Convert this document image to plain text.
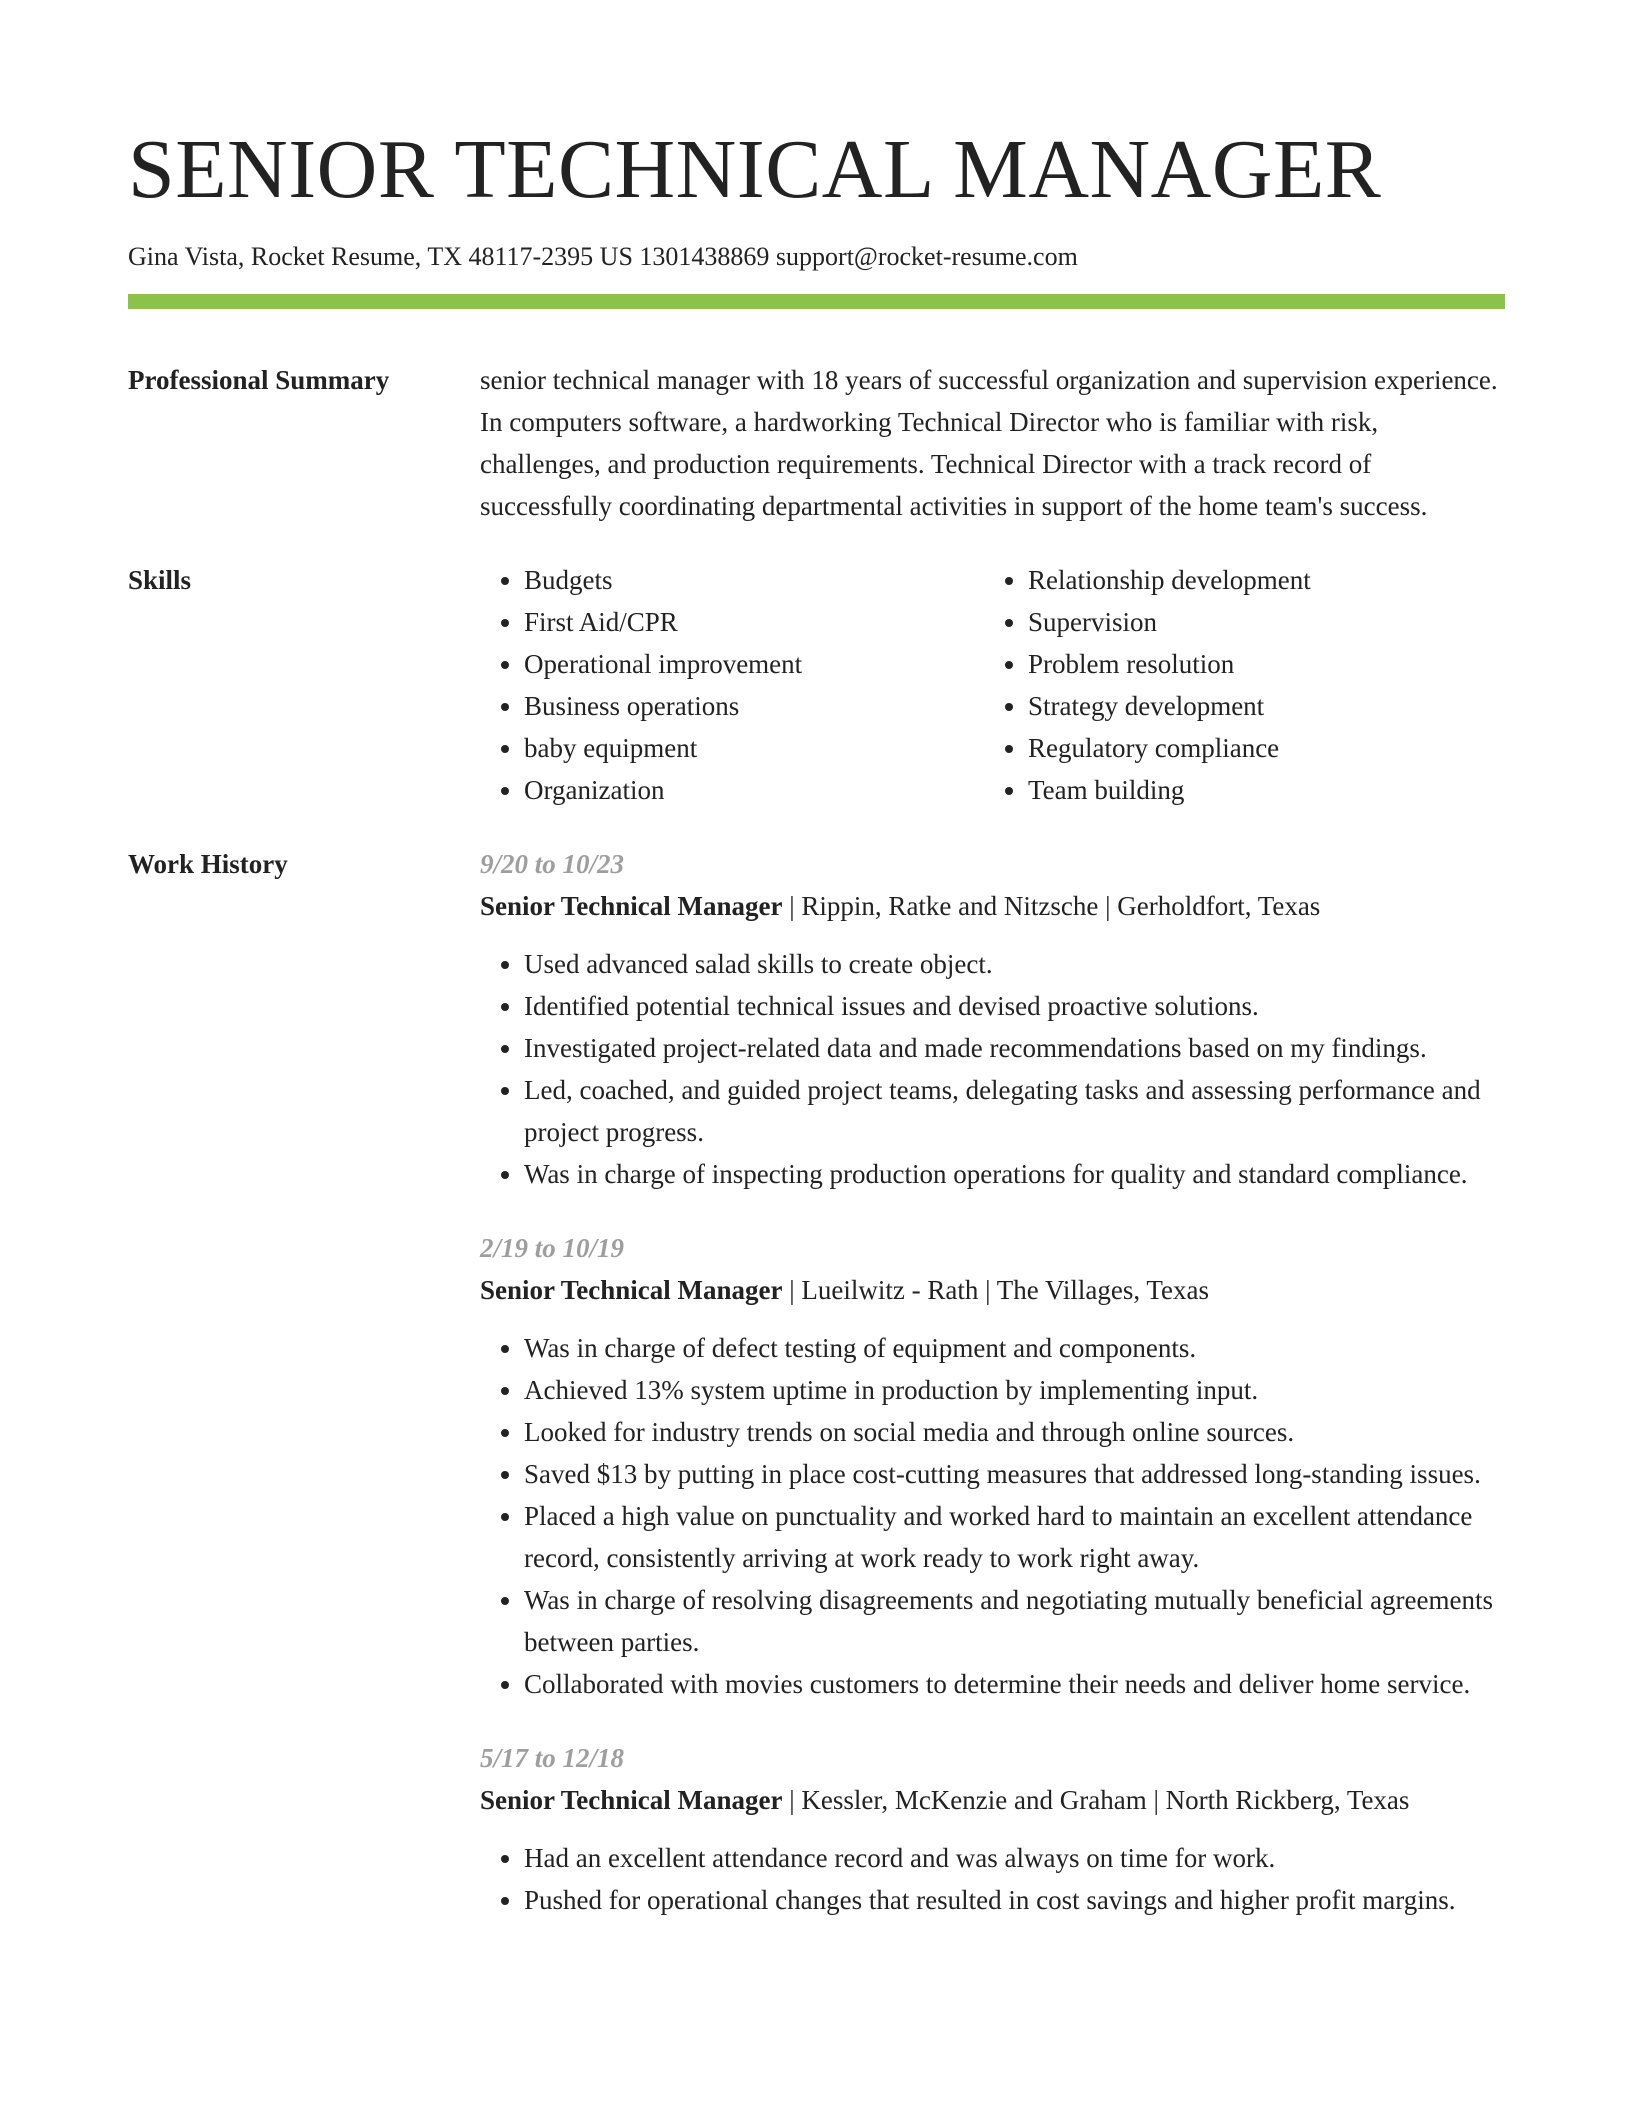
SENIOR TECHNICAL MANAGER
Gina Vista, Rocket Resume, TX 48117-2395 US 1301438869 support@rocket-resume.com
Professional Summary	senior technical manager with 18 years of successful organization and supervision experience. In computers software, a hardworking Technical Director who is familiar with risk, challenges, and production requirements. Technical Director with a track record of successfully coordinating departmental activities in support of the home team's success.
Skills
•	Budgets
• First Aid/CPR
• Operational improvement
• Business operations
• baby equipment
• Organization
• Relationship development
• Supervision
• Problem resolution
• Strategy development
• Regulatory compliance
• Team building
Work History	9/20 to 10/23
Senior Technical Manager | Rippin, Ratke and Nitzsche | Gerholdfort, Texas
• Used advanced salad skills to create object.
• Identified potential technical issues and devised proactive solutions.
• Investigated project-related data and made recommendations based on my findings.
• Led, coached, and guided project teams, delegating tasks and assessing performance and project progress.
• Was in charge of inspecting production operations for quality and standard compliance.
2/19 to 10/19
Senior Technical Manager | Lueilwitz - Rath | The Villages, Texas
• Was in charge of defect testing of equipment and components.
• Achieved 13% system uptime in production by implementing input.
• Looked for industry trends on social media and through online sources.
• Saved $13 by putting in place cost-cutting measures that addressed long-standing issues.
• Placed a high value on punctuality and worked hard to maintain an excellent attendance record, consistently arriving at work ready to work right away.
• Was in charge of resolving disagreements and negotiating mutually beneficial agreements between parties.
• Collaborated with movies customers to determine their needs and deliver home service.
5/17 to 12/18
Senior Technical Manager | Kessler, McKenzie and Graham | North Rickberg, Texas
• Had an excellent attendance record and was always on time for work.
• Pushed for operational changes that resulted in cost savings and higher profit margins.
